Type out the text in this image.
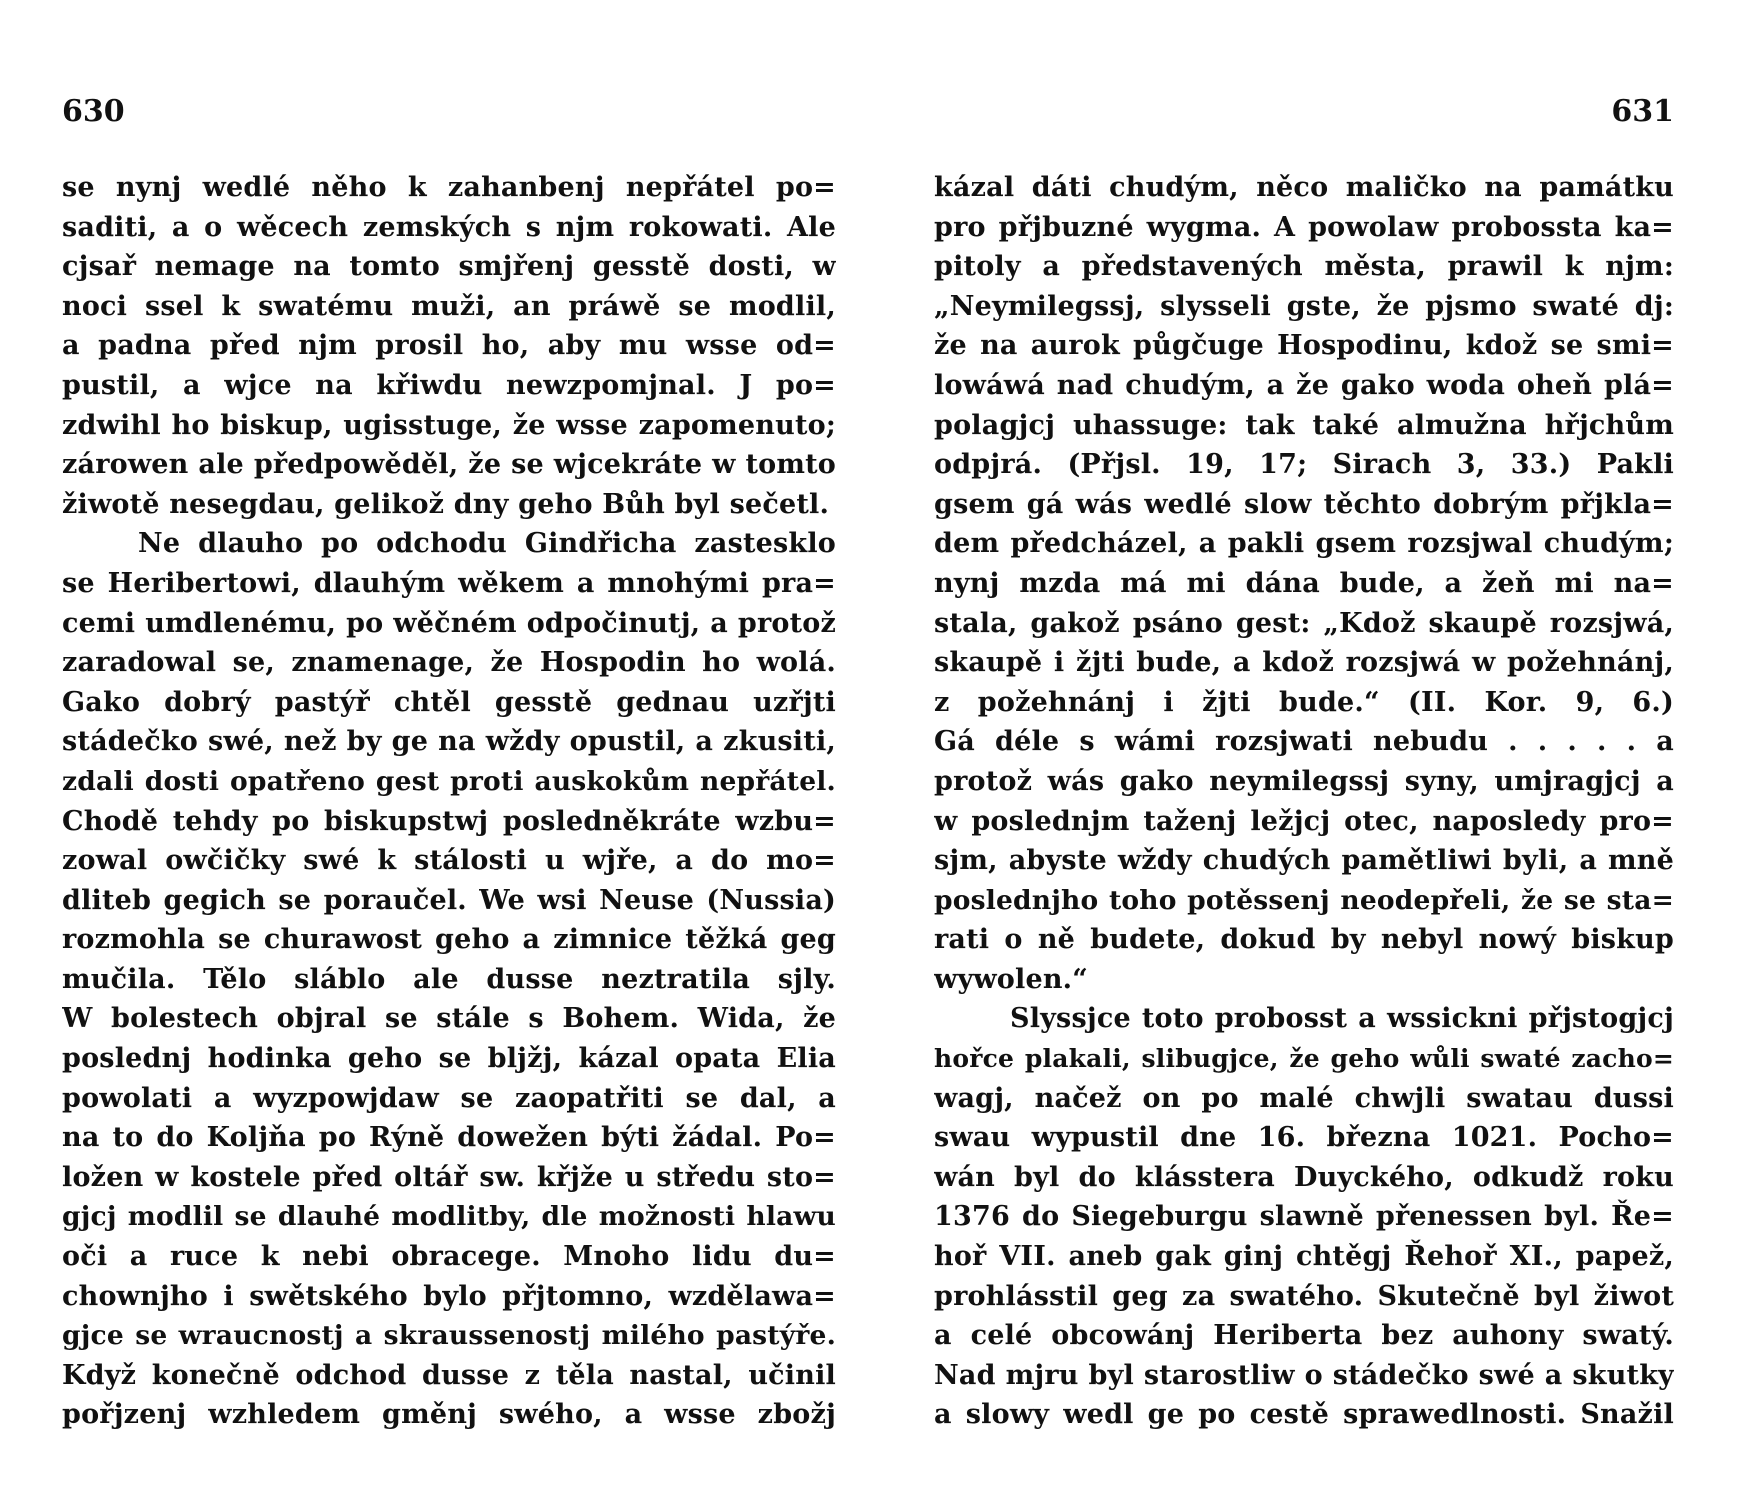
630
se nynj wedlé něho k zahanbenj nepřátel po=
saditi, a o wěcech zemských s njm rokowati. Ale
cjsař nemage na tomto smjřenj gesstě dosti, w
noci ssel k swatému muži, an práwě se modlil,
a padna před njm prosil ho, aby mu wsse od=
pustil, a wjce na křiwdu newzpomjnal. J po=
zdwihl ho biskup, ugisstuge, že wsse zapomenuto;
zárowen ale předpowěděl, že se wjcekráte w tomto
žiwotě nesegdau, gelikož dny geho Bůh byl sečetl.
Ne dlauho po odchodu Gindřicha zastesklo
se Heribertowi, dlauhým wěkem a mnohými pra=
cemi umdlenému, po wěčném odpočinutj, a protož
zaradowal se, znamenage, že Hospodin ho wolá.
Gako dobrý pastýř chtěl gesstě gednau uzřjti
stádečko swé, než by ge na wždy opustil, a zkusiti,
zdali dosti opatřeno gest proti auskokům nepřátel.
Chodě tehdy po biskupstwj posledněkráte wzbu=
zowal owčičky swé k stálosti u wjře, a do mo=
dliteb gegich se poraučel. We wsi Neuse (Nussia)
rozmohla se churawost geho a zimnice těžká geg
mučila. Tělo sláblo ale dusse neztratila sjly.
W bolestech objral se stále s Bohem. Wida, že
poslednj hodinka geho se bljžj, kázal opata Elia
powolati a wyzpowjdaw se zaopatřiti se dal, a
na to do Koljňa po Rýně dowežen býti žádal. Po=
ložen w kostele před oltář sw. křjže u středu sto=
gjcj modlil se dlauhé modlitby, dle možnosti hlawu
oči a ruce k nebi obracege. Mnoho lidu du=
chownjho i swětského bylo přjtomno, wzdělawa=
gjce se wraucnostj a skraussenostj milého pastýře.
Když konečně odchod dusse z těla nastal, učinil
pořjzenj wzhledem gměnj swého, a wsse zbožj
631
kázal dáti chudým, něco maličko na památku
pro přjbuzné wygma. A powolaw probossta ka=
pitoly a představených města, prawil k njm:
„Neymilegssj, slysseli gste, že pjsmo swaté dj:
že na aurok půgčuge Hospodinu, kdož se smi=
lowáwá nad chudým, a že gako woda oheň plá=
polagjcj uhassuge: tak také almužna hřjchům
odpjrá. (Přjsl. 19, 17; Sirach 3, 33.) Pakli
gsem gá wás wedlé slow těchto dobrým přjkla=
dem předcházel, a pakli gsem rozsjwal chudým;
nynj mzda má mi dána bude, a žeň mi na=
stala, gakož psáno gest: „Kdož skaupě rozsjwá,
skaupě i žjti bude, a kdož rozsjwá w požehnánj,
z požehnánj i žjti bude.“ (II. Kor. 9, 6.)
Gá déle s wámi rozsjwati nebudu . . . . . a
protož wás gako neymilegssj syny, umjragjcj a
w poslednjm taženj ležjcj otec, naposledy pro=
sjm, abyste wždy chudých pamětliwi byli, a mně
poslednjho toho potěssenj neodepřeli, že se sta=
rati o ně budete, dokud by nebyl nowý biskup
wywolen.“
Slyssjce toto probosst a wssickni přjstogjcj
hořce plakali, slibugjce, že geho wůli swaté zacho=
wagj, načež on po malé chwjli swatau dussi
swau wypustil dne 16. března 1021. Pocho=
wán byl do klásstera Duyckého, odkudž roku
1376 do Siegeburgu slawně přenessen byl. Ře=
hoř VII. aneb gak ginj chtěgj Řehoř XI., papež,
prohlásstil geg za swatého. Skutečně byl žiwot
a celé obcowánj Heriberta bez auhony swatý.
Nad mjru byl starostliw o stádečko swé a skutky
a slowy wedl ge po cestě sprawedlnosti. Snažil
